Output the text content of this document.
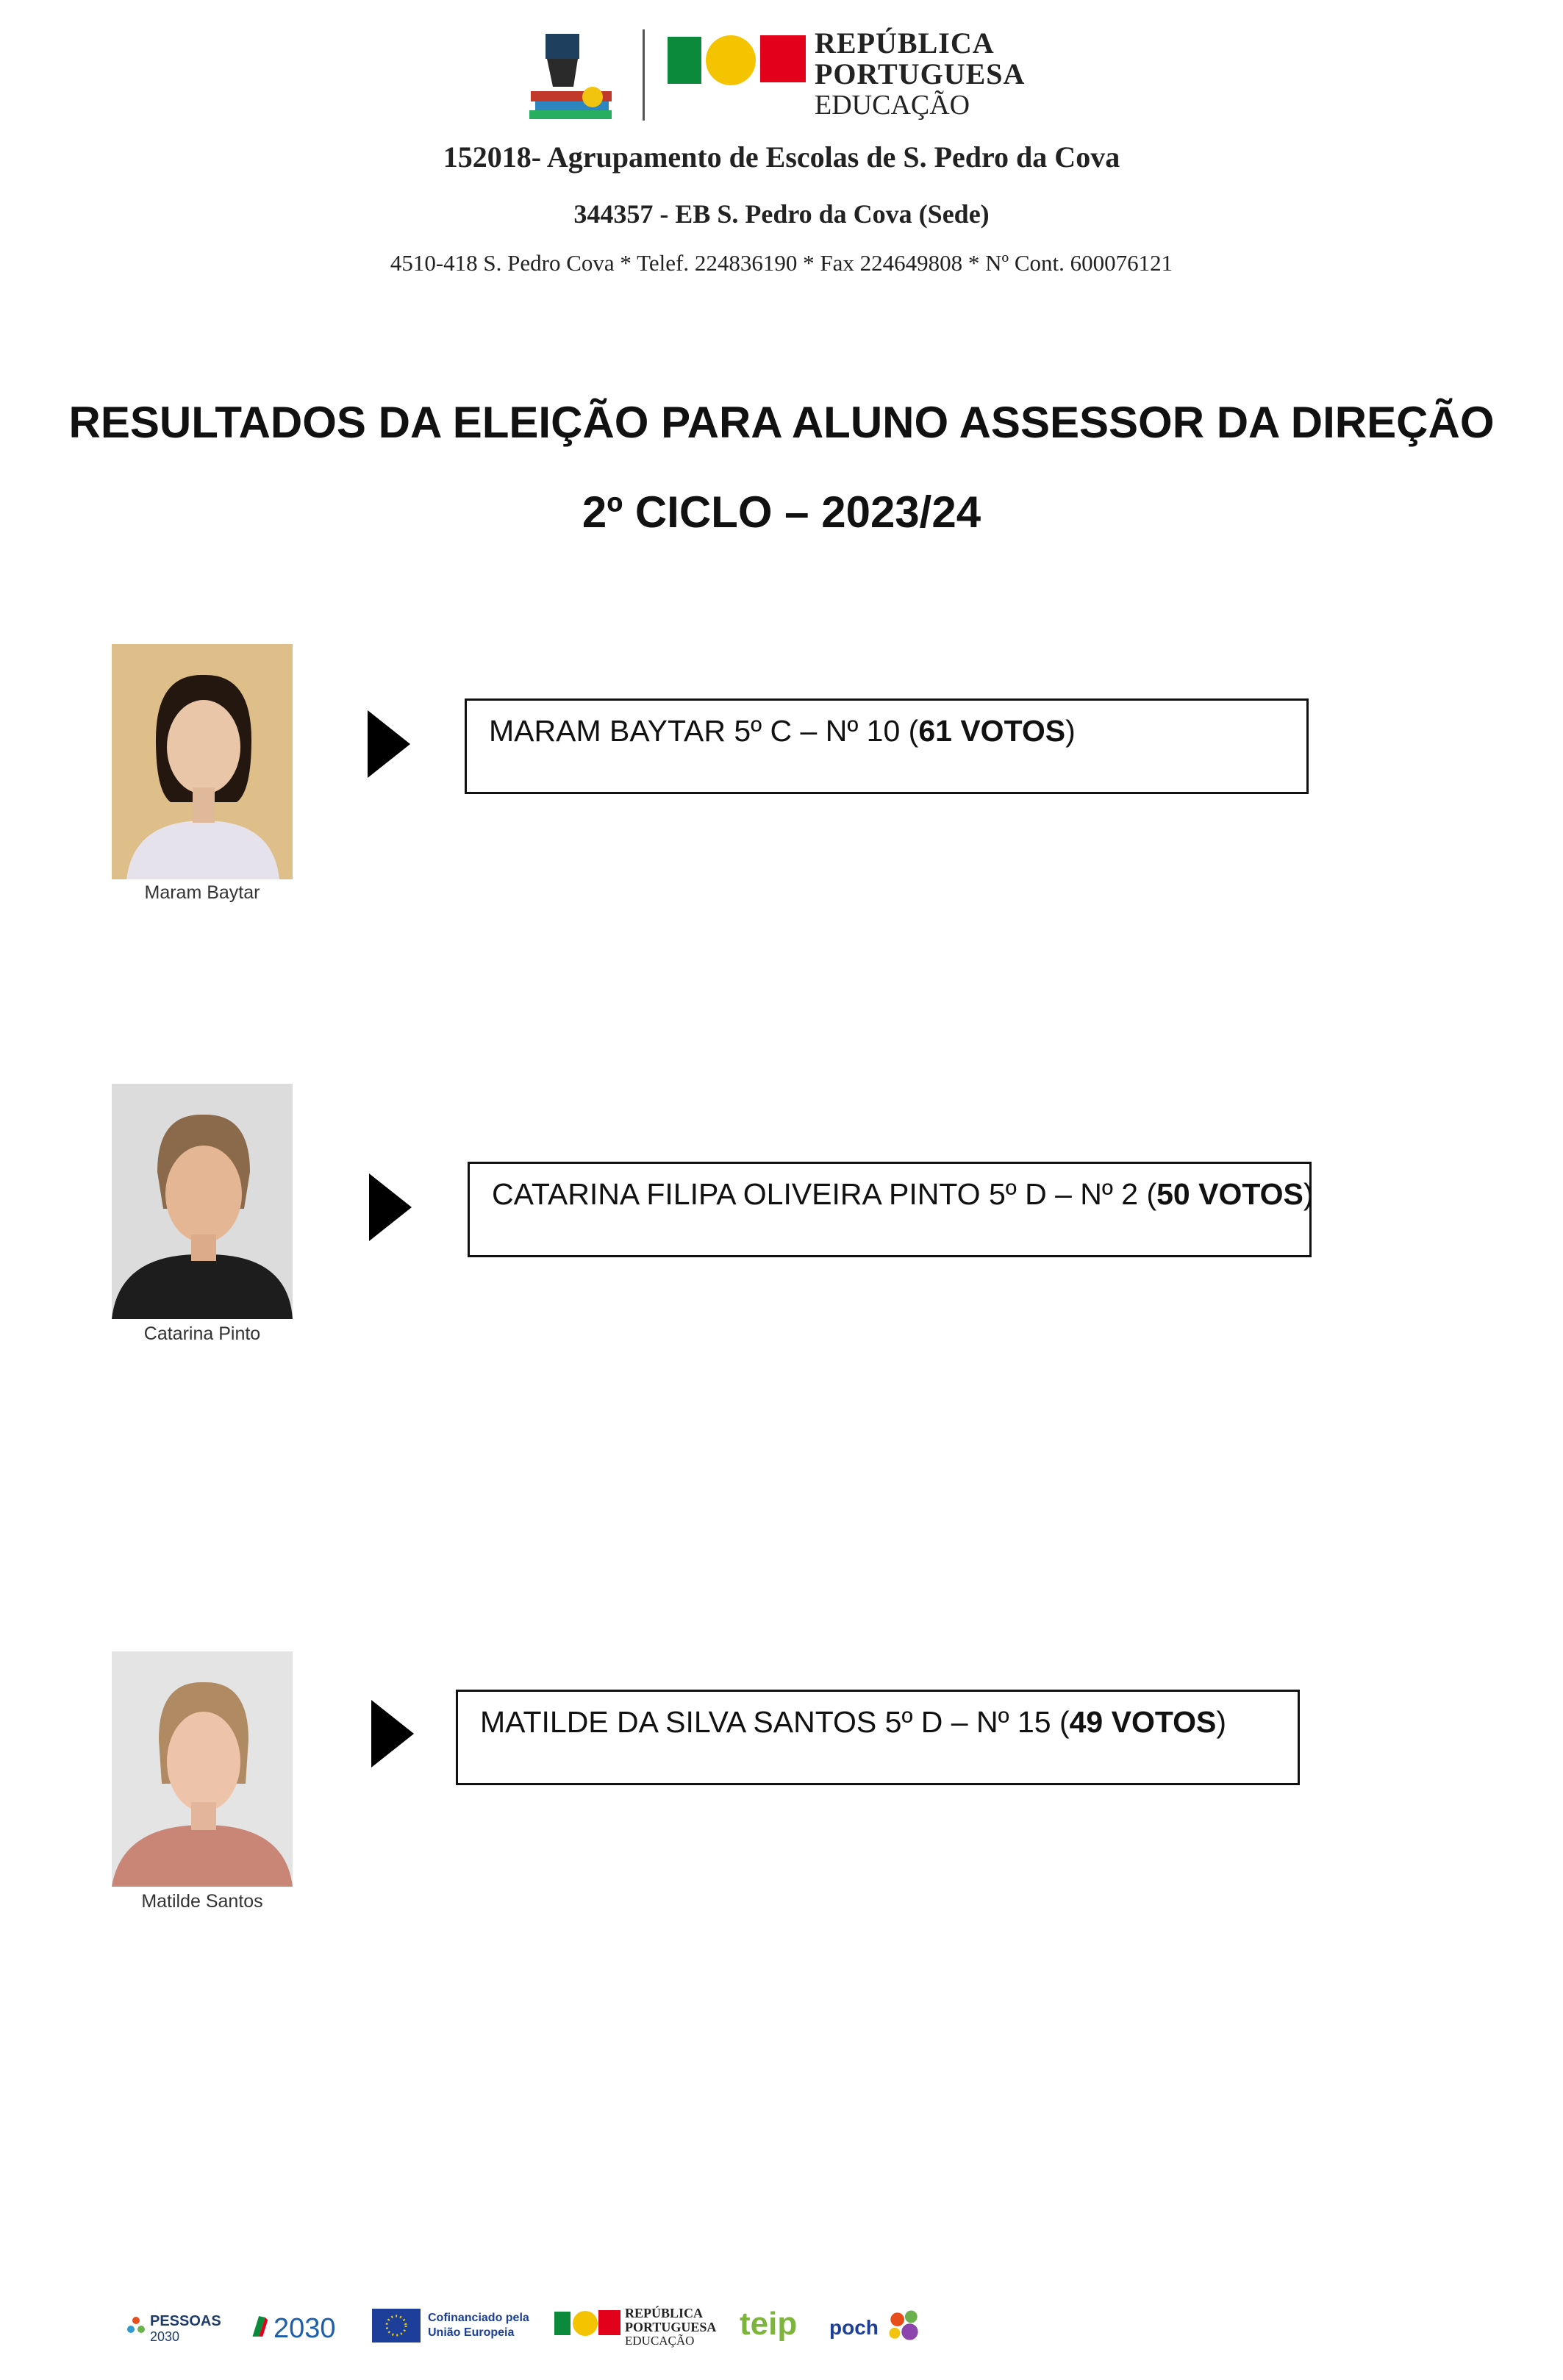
REPÚBLICA
PORTUGUESA
EDUCAÇÃO
152018- Agrupamento de Escolas de S. Pedro da Cova
344357 - EB S. Pedro da Cova (Sede)
4510-418 S. Pedro Cova * Telef. 224836190 * Fax 224649808 * Nº Cont. 600076121
RESULTADOS DA ELEIÇÃO PARA ALUNO ASSESSOR DA DIREÇÃO
2º CICLO – 2023/24
Maram Baytar
MARAM BAYTAR 5º C – Nº 10 (61 VOTOS)
Catarina Pinto
CATARINA FILIPA OLIVEIRA PINTO 5º D – Nº 2 (50 VOTOS)
Matilde Santos
MATILDE DA SILVA SANTOS 5º D – Nº 15 (49 VOTOS)
PESSOAS
2030	2030	Cofinanciado pela
União Europeia
REPÚBLICA
PORTUGUESA
EDUCAÇÃO teip poch
